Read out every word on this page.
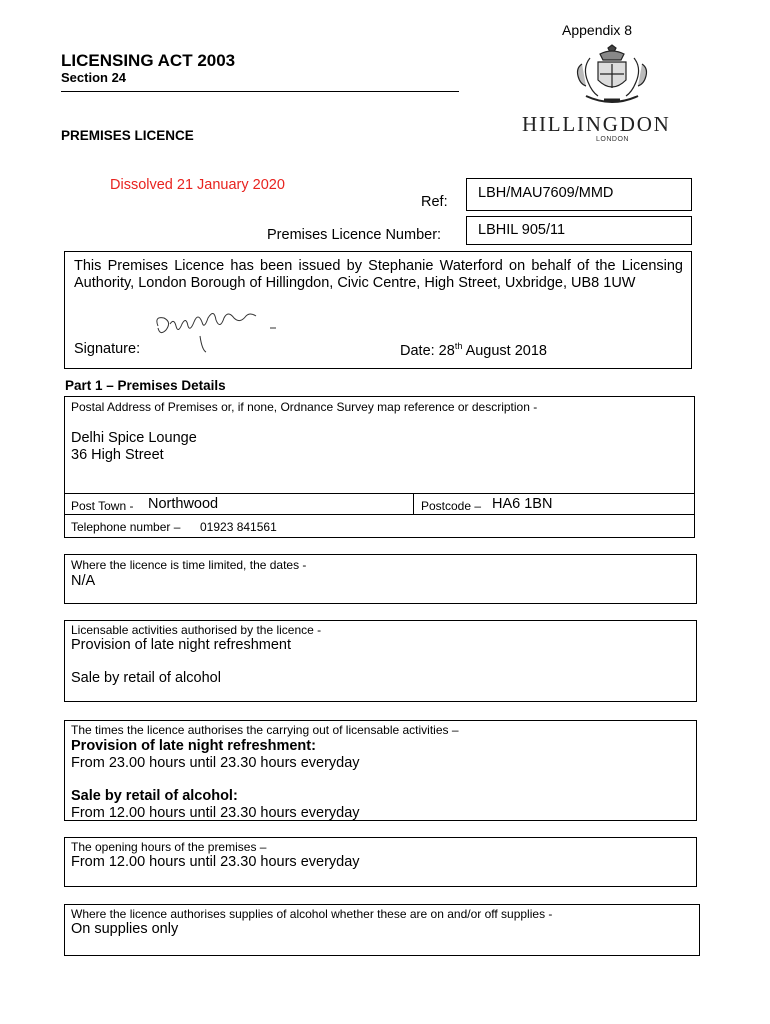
Appendix 8
LICENSING ACT 2003
Section 24
PREMISES LICENCE	HILLINGDON
LONDON
Dissolved 21 January 2020
Ref:
LBH/MAU7609/MMD
Premises Licence Number:	LBHIL 905/11
This Premises Licence has been issued by Stephanie Waterford on behalf of the Licensing Authority, London Borough of Hillingdon, Civic Centre, High Street, Uxbridge, UB8 1UW
Signature:	Date: 28th August 2018
Part 1 – Premises Details
Postal Address of Premises or, if none, Ordnance Survey map reference or description -
Delhi Spice Lounge
36 High Street
Post Town - Northwood	Postcode – HA6 1BN
Telephone number – 01923 841561
Where the licence is time limited, the dates -
N/A
Licensable activities authorised by the licence -
Provision of late night refreshment
Sale by retail of alcohol
The times the licence authorises the carrying out of licensable activities –
Provision of late night refreshment:
From 23.00 hours until 23.30 hours everyday
Sale by retail of alcohol:
From 12.00 hours until 23.30 hours everyday
The opening hours of the premises –
From 12.00 hours until 23.30 hours everyday
Where the licence authorises supplies of alcohol whether these are on and/or off supplies -
On supplies only
